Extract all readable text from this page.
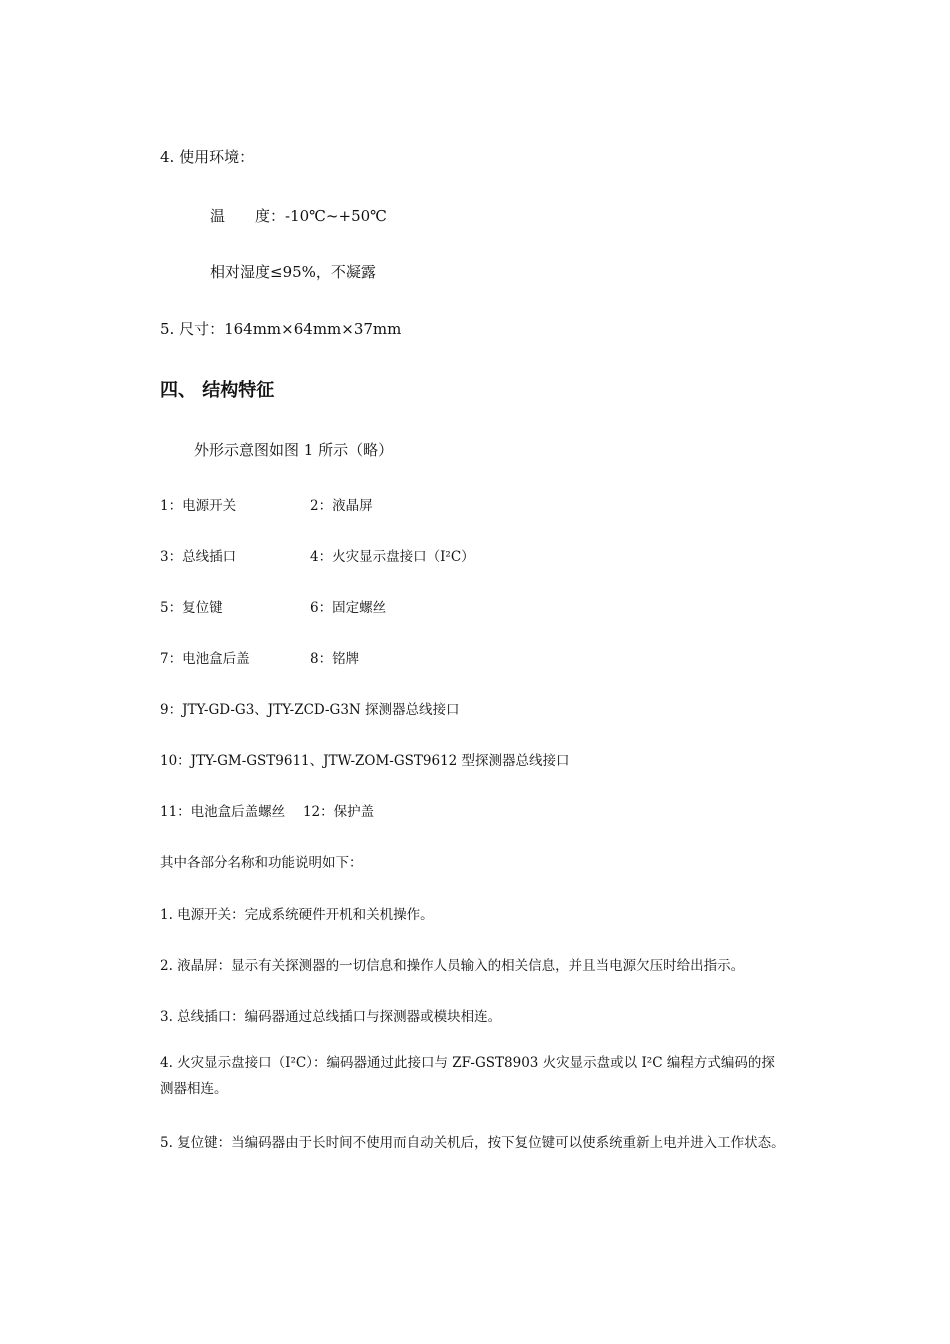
4. 使用环境：
温　　度：-10℃~+50℃
相对湿度≤95%，不凝露
5. 尺寸：164mm×64mm×37mm
四、 结构特征
外形示意图如图 1 所示（略）
1：电源开关	2：液晶屏
3：总线插口	4：火灾显示盘接口（I²C）
5：复位键	6：固定螺丝
7：电池盒后盖	8：铭牌
9：JTY-GD-G3、JTY-ZCD-G3N 探测器总线接口
10：JTY-GM-GST9611、JTW-ZOM-GST9612 型探测器总线接口
11：电池盒后盖螺丝　 12：保护盖
其中各部分名称和功能说明如下：
1. 电源开关：完成系统硬件开机和关机操作。
2. 液晶屏：显示有关探测器的一切信息和操作人员输入的相关信息，并且当电源欠压时给出指示。
3. 总线插口：编码器通过总线插口与探测器或模块相连。
4. 火灾显示盘接口（I²C）：编码器通过此接口与 ZF-GST8903 火灾显示盘或以 I²C 编程方式编码的探测器相连。
5. 复位键：当编码器由于长时间不使用而自动关机后，按下复位键可以使系统重新上电并进入工作状态。
